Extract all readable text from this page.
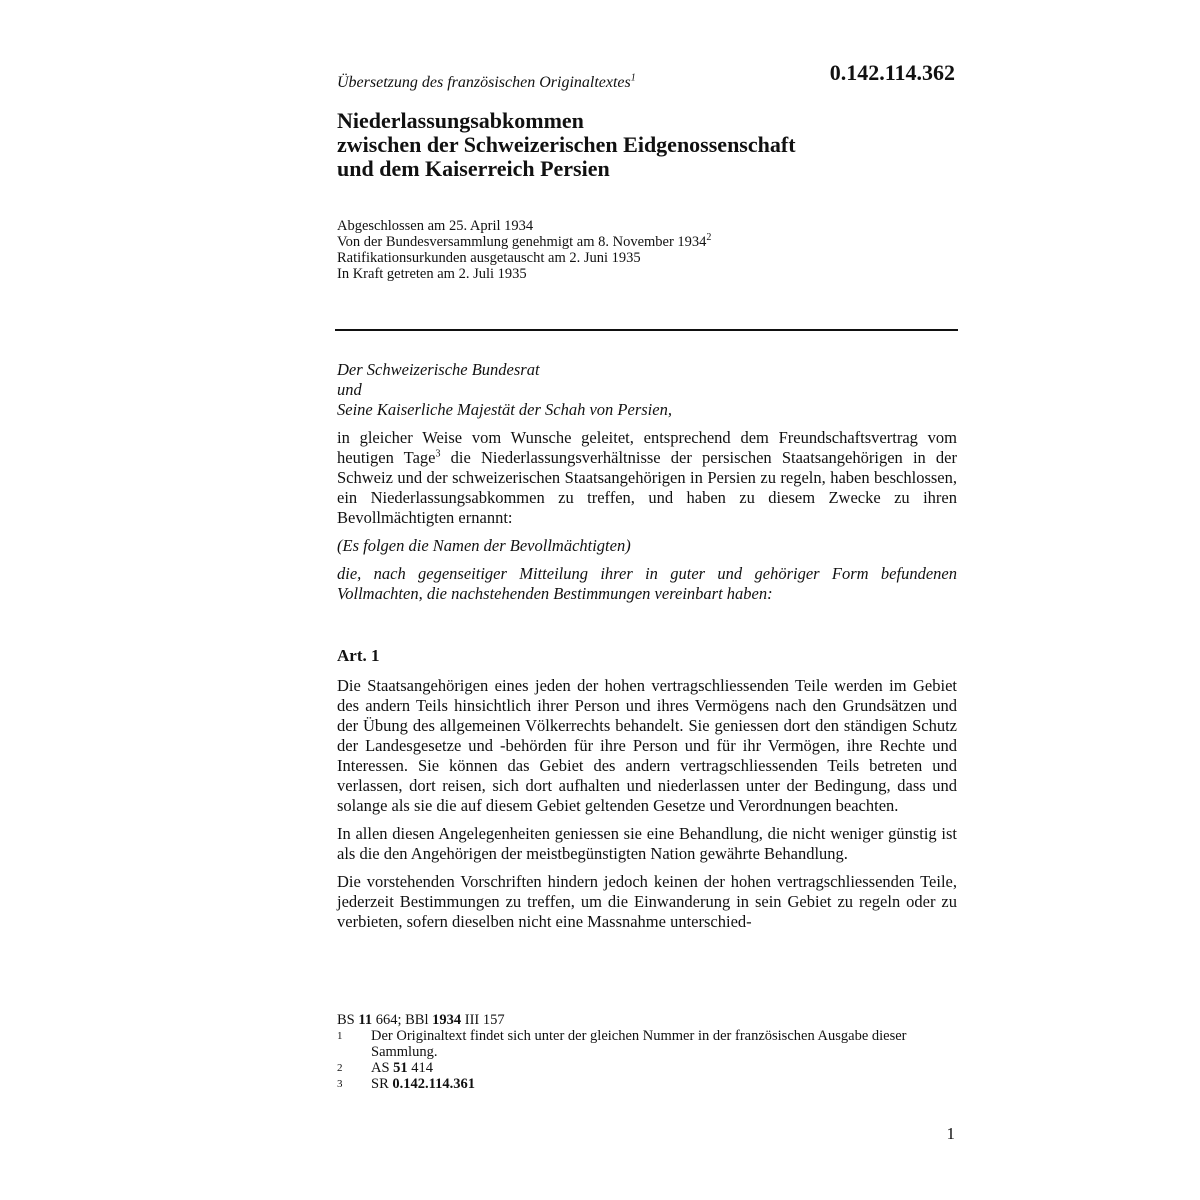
Übersetzung des französischen Originaltextes$^1$	0.142.114.362
Niederlassungsabkommen
zwischen der Schweizerischen Eidgenossenschaft
und dem Kaiserreich Persien
Abgeschlossen am 25. April 1934
Von der Bundesversammlung genehmigt am 8. November 1934$^2$
Ratifikationsurkunden ausgetauscht am 2. Juni 1935
In Kraft getreten am 2. Juli 1935
Der Schweizerische Bundesrat
und
Seine Kaiserliche Majestät der Schah von Persien,

in gleicher Weise vom Wunsche geleitet, entsprechend dem Freundschaftsvertrag vom heutigen Tage$^3$ die Niederlassungsverhältnisse der persischen Staatsangehörigen in der Schweiz und der schweizerischen Staatsangehörigen in Persien zu regeln, haben beschlossen, ein Niederlassungsabkommen zu treffen, und haben zu diesem Zwecke zu ihren Bevollmächtigten ernannt:

(Es folgen die Namen der Bevollmächtigten)

die, nach gegenseitiger Mitteilung ihrer in guter und gehöriger Form befundenen Vollmachten, die nachstehenden Bestimmungen vereinbart haben:

Art. 1

Die Staatsangehörigen eines jeden der hohen vertragschliessenden Teile werden im Gebiet des andern Teils hinsichtlich ihrer Person und ihres Vermögens nach den Grundsätzen und der Übung des allgemeinen Völkerrechts behandelt. Sie geniessen dort den ständigen Schutz der Landesgesetze und -behörden für ihre Person und für ihr Vermögen, ihre Rechte und Interessen. Sie können das Gebiet des andern vertragschliessenden Teils betreten und verlassen, dort reisen, sich dort aufhalten und niederlassen unter der Bedingung, dass und solange als sie die auf diesem Gebiet geltenden Gesetze und Verordnungen beachten.

In allen diesen Angelegenheiten geniessen sie eine Behandlung, die nicht weniger günstig ist als die den Angehörigen der meistbegünstigten Nation gewährte Behandlung.

Die vorstehenden Vorschriften hindern jedoch keinen der hohen vertragschliessenden Teile, jederzeit Bestimmungen zu treffen, um die Einwanderung in sein Gebiet zu regeln oder zu verbieten, sofern dieselben nicht eine Massnahme unterschied-

BS 11 664; BBl 1934 III 157
1	Der Originaltext findet sich unter der gleichen Nummer in der französischen Ausgabe dieser Sammlung.
2	AS 51 414
3	SR 0.142.114.361
1
